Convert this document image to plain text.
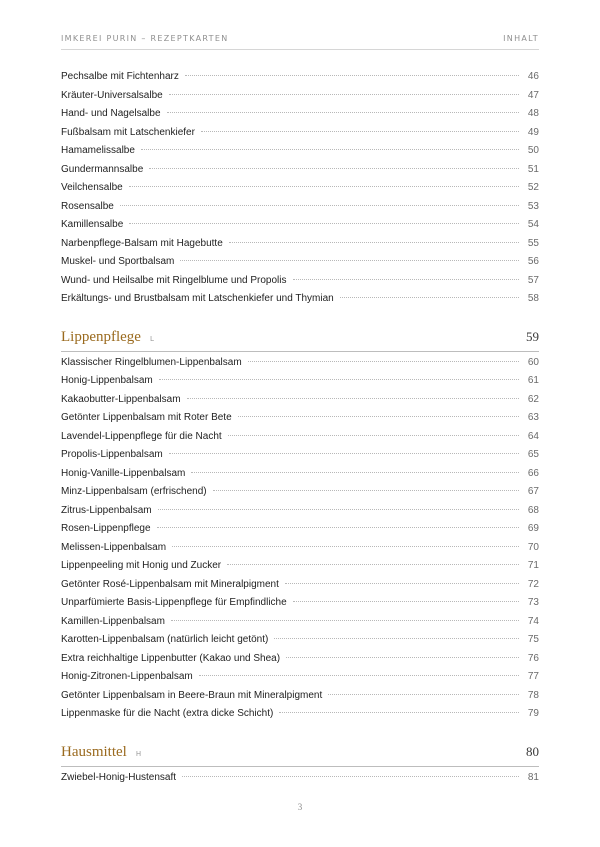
IMKEREI PURIN – REZEPTKARTEN	INHALT
Pechsalbe mit Fichtenharz	46
Kräuter-Universalsalbe	47
Hand- und Nagelsalbe	48
Fußbalsam mit Latschenkiefer	49
Hamamelissalbe	50
Gundermannsalbe	51
Veilchensalbe	52
Rosensalbe	53
Kamillensalbe	54
Narbenpflege-Balsam mit Hagebutte	55
Muskel- und Sportbalsam	56
Wund- und Heilsalbe mit Ringelblume und Propolis	57
Erkältungs- und Brustbalsam mit Latschenkiefer und Thymian	58
Lippenpflege L	59
Klassischer Ringelblumen-Lippenbalsam	60
Honig-Lippenbalsam	61
Kakaobutter-Lippenbalsam	62
Getönter Lippenbalsam mit Roter Bete	63
Lavendel-Lippenpflege für die Nacht	64
Propolis-Lippenbalsam	65
Honig-Vanille-Lippenbalsam	66
Minz-Lippenbalsam (erfrischend)	67
Zitrus-Lippenbalsam	68
Rosen-Lippenpflege	69
Melissen-Lippenbalsam	70
Lippenpeeling mit Honig und Zucker	71
Getönter Rosé-Lippenbalsam mit Mineralpigment	72
Unparfümierte Basis-Lippenpflege für Empfindliche	73
Kamillen-Lippenbalsam	74
Karotten-Lippenbalsam (natürlich leicht getönt)	75
Extra reichhaltige Lippenbutter (Kakao und Shea)	76
Honig-Zitronen-Lippenbalsam	77
Getönter Lippenbalsam in Beere-Braun mit Mineralpigment	78
Lippenmaske für die Nacht (extra dicke Schicht)	79
Hausmittel H	80
Zwiebel-Honig-Hustensaft	81
3
